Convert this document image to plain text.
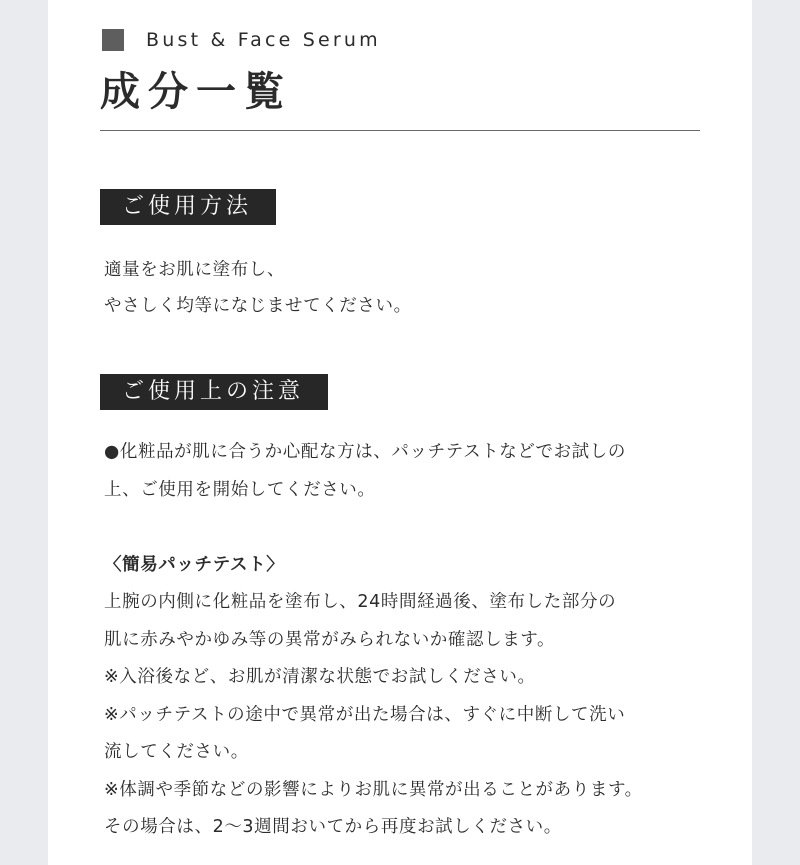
Bust & Face Serum
成分一覧
ご使用方法
適量をお肌に塗布し、
やさしく均等になじませてください。
ご使用上の注意

●化粧品が肌に合うか心配な方は、パッチテストなどでお試しの

上、ご使用を開始してください。

〈簡易パッチテスト〉

上腕の内側に化粧品を塗布し、24時間経過後、塗布した部分の

肌に赤みやかゆみ等の異常がみられないか確認します。

※入浴後など、お肌が清潔な状態でお試しください。

※パッチテストの途中で異常が出た場合は、すぐに中断して洗い

流してください。

※体調や季節などの影響によりお肌に異常が出ることがあります。

その場合は、2〜3週間おいてから再度お試しください。
